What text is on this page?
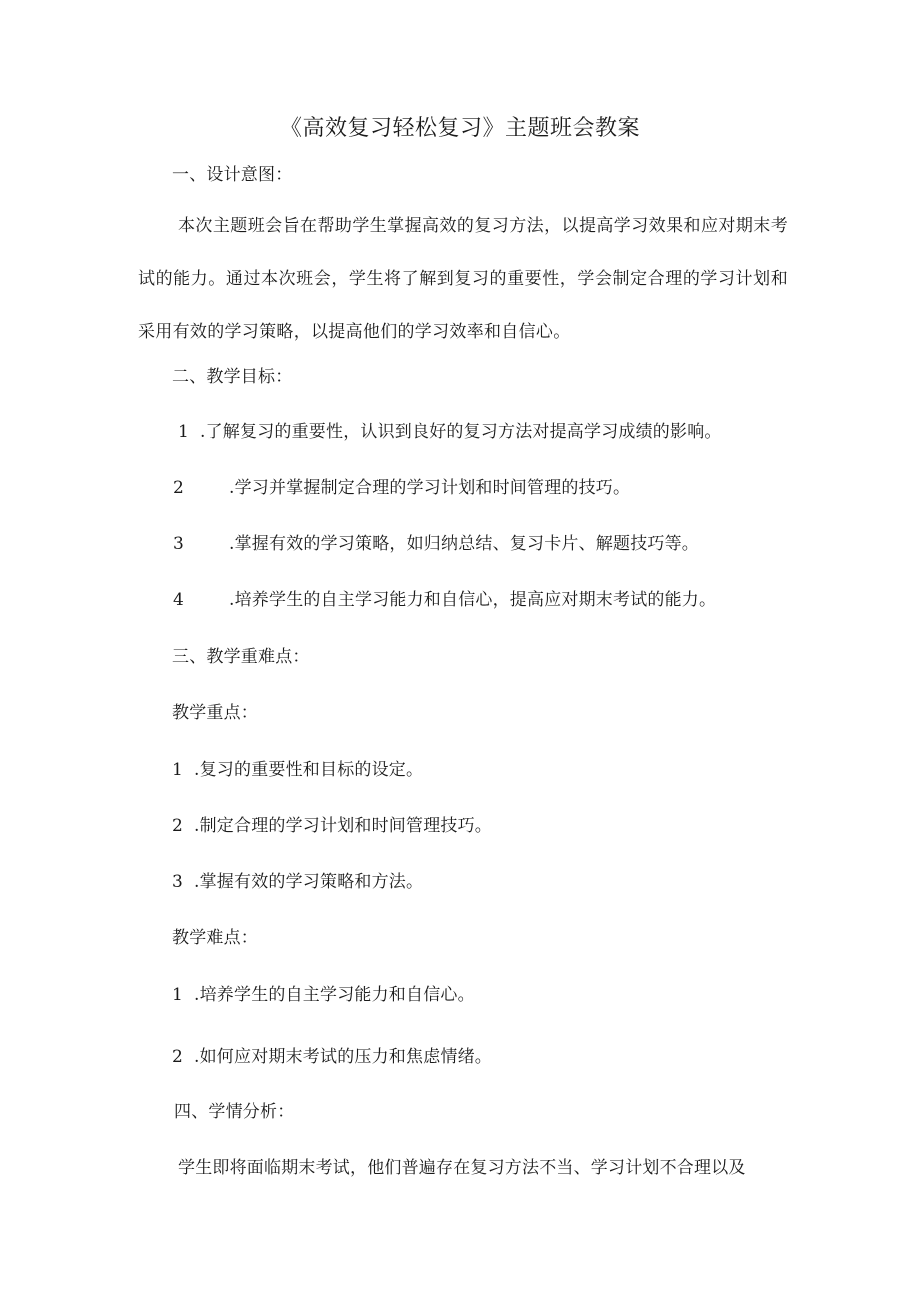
《高效复习轻松复习》主题班会教案
一、设计意图：
本次主题班会旨在帮助学生掌握高效的复习方法，以提高学习效果和应对期末考试的能力。通过本次班会，学生将了解到复习的重要性，学会制定合理的学习计划和采用有效的学习策略，以提高他们的学习效率和自信心。
二、教学目标：
1 .了解复习的重要性，认识到良好的复习方法对提高学习成绩的影响。
2	.学习并掌握制定合理的学习计划和时间管理的技巧。
3	.掌握有效的学习策略，如归纳总结、复习卡片、解题技巧等。
4	.培养学生的自主学习能力和自信心，提高应对期末考试的能力。
三、教学重难点：
教学重点：
1 .复习的重要性和目标的设定。
2 .制定合理的学习计划和时间管理技巧。
3 .掌握有效的学习策略和方法。
教学难点：
1 .培养学生的自主学习能力和自信心。
2 .如何应对期末考试的压力和焦虑情绪。
四、学情分析：
学生即将面临期末考试，他们普遍存在复习方法不当、学习计划不合理以及
